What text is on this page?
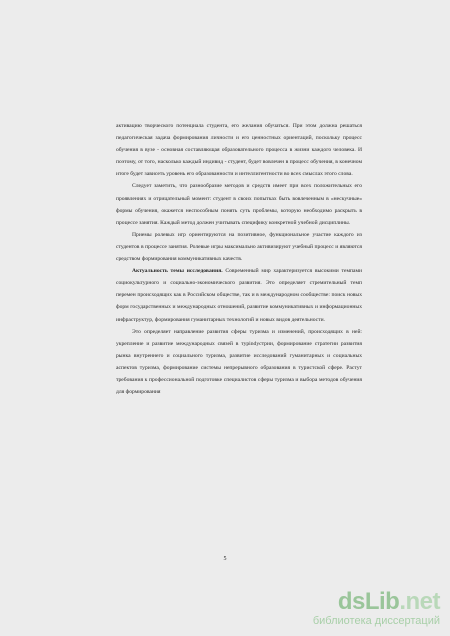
активацию творческого потенциала студента, его желания обучаться. При этом должна решаться педагогическая задача формирования личности и его ценностных ориентаций, поскольку процесс обучения в вузе - основная составляющая образовательного процесса в жизни каждого человека. И поэтому, от того, насколько каждый индивид - студент, будет вовлечен в процесс обучения, в конечном итоге будет зависеть уровень его образованности и интеллигентности во всех смыслах этого слова.

Следует заметить, что разнообразие методов и средств имеет при всех положительных его проявлениях и отрицательный момент: студент в своих попытках быть вовлеченным в «нескучные» формы обучения, окажется неспособным понять суть проблемы, которую необходимо раскрыть в процессе занятия. Каждый метод должен учитывать специфику конкретной учебной дисциплины.

Приемы ролевых игр ориентируются на позитивное, функциональное участие каждого из студентов в процессе занятия. Ролевые игры максимально активизируют учебный процесс и являются средством формирования коммуникативных качеств.

Актуальность темы исследования. Современный мир характеризуется высокими темпами социокультурного и социально-экономического развития. Это определяет стремительный темп перемен происходящих как в Российском обществе, так и в международном сообществе: поиск новых форм государственных и международных отношений, развитие коммуникативных и информационных инфраструктур, формирования гуманитарных технологий и новых видов деятельности.

Это определяет направление развития сферы туризма и изменений, происходящих в ней: укрепление и развитие международных связей в турindустрии, формирование стратегии развития рынка внутреннего и социального туризма, развитие исследований гуманитарных и социальных аспектов туризма, формирование системы непрерывного образования в туристской сфере. Растут требования к профессиональной подготовке специалистов сферы туризма и выбора методов обучения для формирования

5
dsLib.net
библиотека диссертаций
